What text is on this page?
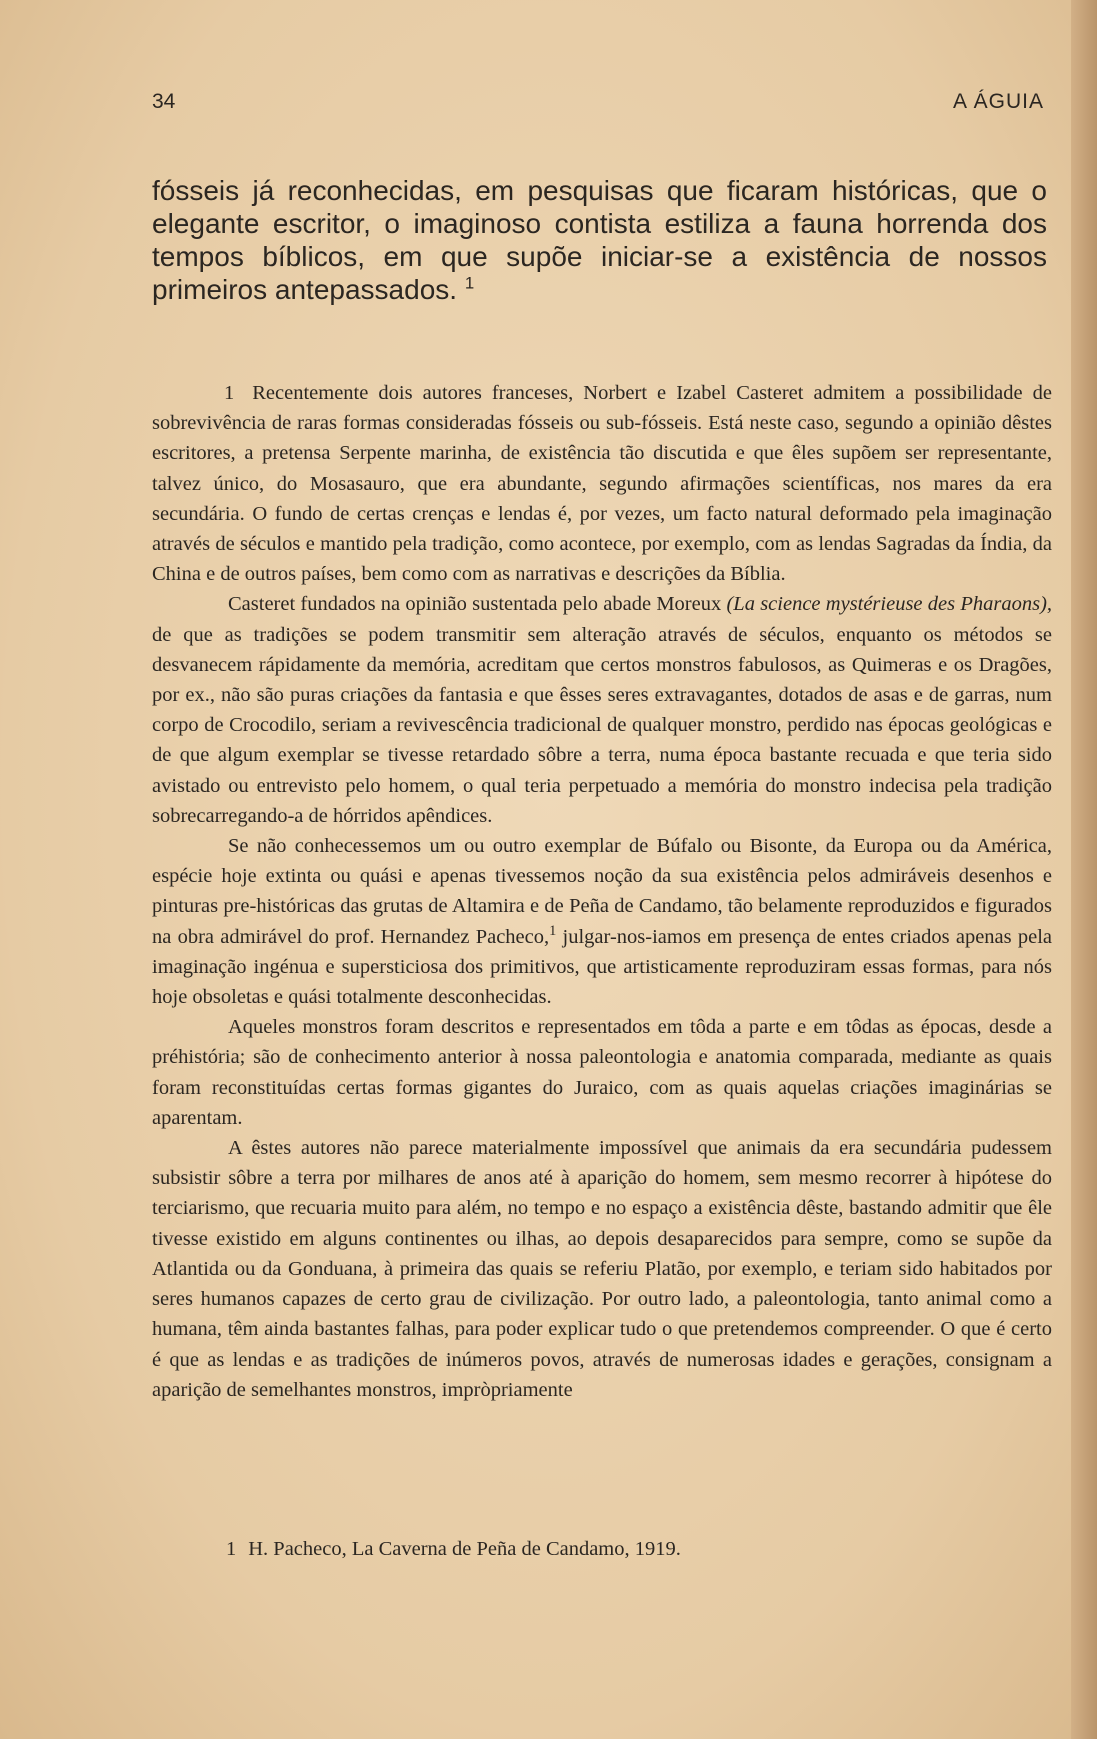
34	A ÁGUIA

fósseis já reconhecidas, em pesquisas que ficaram históricas, que o elegante escritor, o imaginoso contista estiliza a fauna horrenda dos tempos bíblicos, em que supõe iniciar-se a existência de nossos primeiros antepassados. $^1$

1 Recentemente dois autores franceses, Norbert e Izabel Casteret admitem a possibilidade de sobrevivência de raras formas consideradas fósseis ou sub-fósseis. Está neste caso, segundo a opinião dêstes escritores, a pretensa Serpente marinha, de existência tão discutida e que êles supõem ser representante, talvez único, do Mosasauro, que era abundante, segundo afirmações scientíficas, nos mares da era secundária. O fundo de certas crenças e lendas é, por vezes, um facto natural deformado pela imaginação através de séculos e mantido pela tradição, como acontece, por exemplo, com as lendas Sagradas da Índia, da China e de outros países, bem como com as narrativas e descrições da Bíblia.

Casteret fundados na opinião sustentada pelo abade Moreux (La science mystérieuse des Pharaons), de que as tradições se podem transmitir sem alteração através de séculos, enquanto os métodos se desvanecem rápidamente da memória, acreditam que certos monstros fabulosos, as Quimeras e os Dragões, por ex., não são puras criações da fantasia e que êsses seres extravagantes, dotados de asas e de garras, num corpo de Crocodilo, seriam a revivescência tradicional de qualquer monstro, perdido nas épocas geológicas e de que algum exemplar se tivesse retardado sôbre a terra, numa época bastante recuada e que teria sido avistado ou entrevisto pelo homem, o qual teria perpetuado a memória do monstro indecisa pela tradição sobrecarregando-a de hórridos apêndices.

Se não conhecessemos um ou outro exemplar de Búfalo ou Bisonte, da Europa ou da América, espécie hoje extinta ou quási e apenas tivessemos noção da sua existência pelos admiráveis desenhos e pinturas pre-históricas das grutas de Altamira e de Peña de Candamo, tão belamente reproduzidos e figurados na obra admirável do prof. Hernandez Pacheco,$^1$ julgar-nos-iamos em presença de entes criados apenas pela imaginação ingénua e supersticiosa dos primitivos, que artisticamente reproduziram essas formas, para nós hoje obsoletas e quási totalmente desconhecidas.

Aqueles monstros foram descritos e representados em tôda a parte e em tôdas as épocas, desde a préhistória; são de conhecimento anterior à nossa paleontologia e anatomia comparada, mediante as quais foram reconstituídas certas formas gigantes do Juraico, com as quais aquelas criações imaginárias se aparentam.

A êstes autores não parece materialmente impossível que animais da era secundária pudessem subsistir sôbre a terra por milhares de anos até à aparição do homem, sem mesmo recorrer à hipótese do terciarismo, que recuaria muito para além, no tempo e no espaço a existência dêste, bastando admitir que êle tivesse existido em alguns continentes ou ilhas, ao depois desaparecidos para sempre, como se supõe da Atlantida ou da Gonduana, à primeira das quais se referiu Platão, por exemplo, e teriam sido habitados por seres humanos capazes de certo grau de civilização. Por outro lado, a paleontologia, tanto animal como a humana, têm ainda bastantes falhas, para poder explicar tudo o que pretendemos compreender. O que é certo é que as lendas e as tradições de inúmeros povos, através de numerosas idades e gerações, consignam a aparição de semelhantes monstros, impròpriamente

1 H. Pacheco, La Caverna de Peña de Candamo, 1919.
